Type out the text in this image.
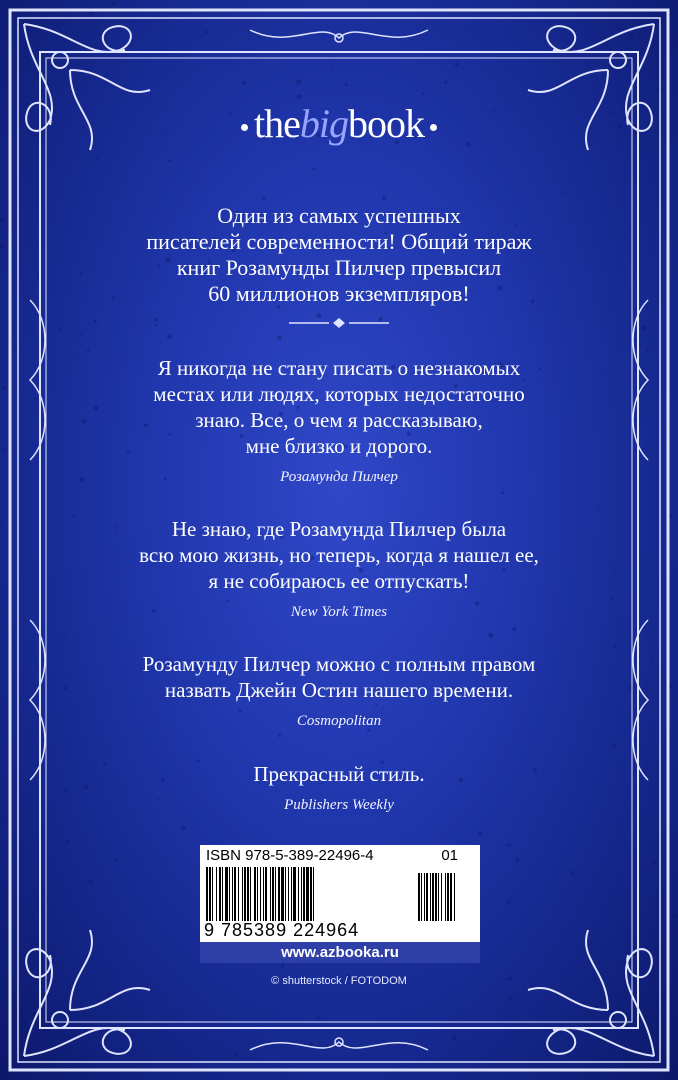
thebigbook
Один из самых успешных
писателей современности! Общий тираж
книг Розамунды Пилчер превысил
60 миллионов экземпляров!
Я никогда не стану писать о незнакомых
местах или людях, которых недостаточно
знаю. Все, о чем я рассказываю,
мне близко и дорого.
Розамунда Пилчер
Не знаю, где Розамунда Пилчер была
всю мою жизнь, но теперь, когда я нашел ее,
я не собираюсь ее отпускать!
New York Times
Розамунду Пилчер можно с полным правом
назвать Джейн Остин нашего времени.
Cosmopolitan
Прекрасный стиль.
Publishers Weekly
ISBN 978-5-389-22496-4	01
9 785389 224964
www.azbooka.ru
© shutterstock / FOTODOM
